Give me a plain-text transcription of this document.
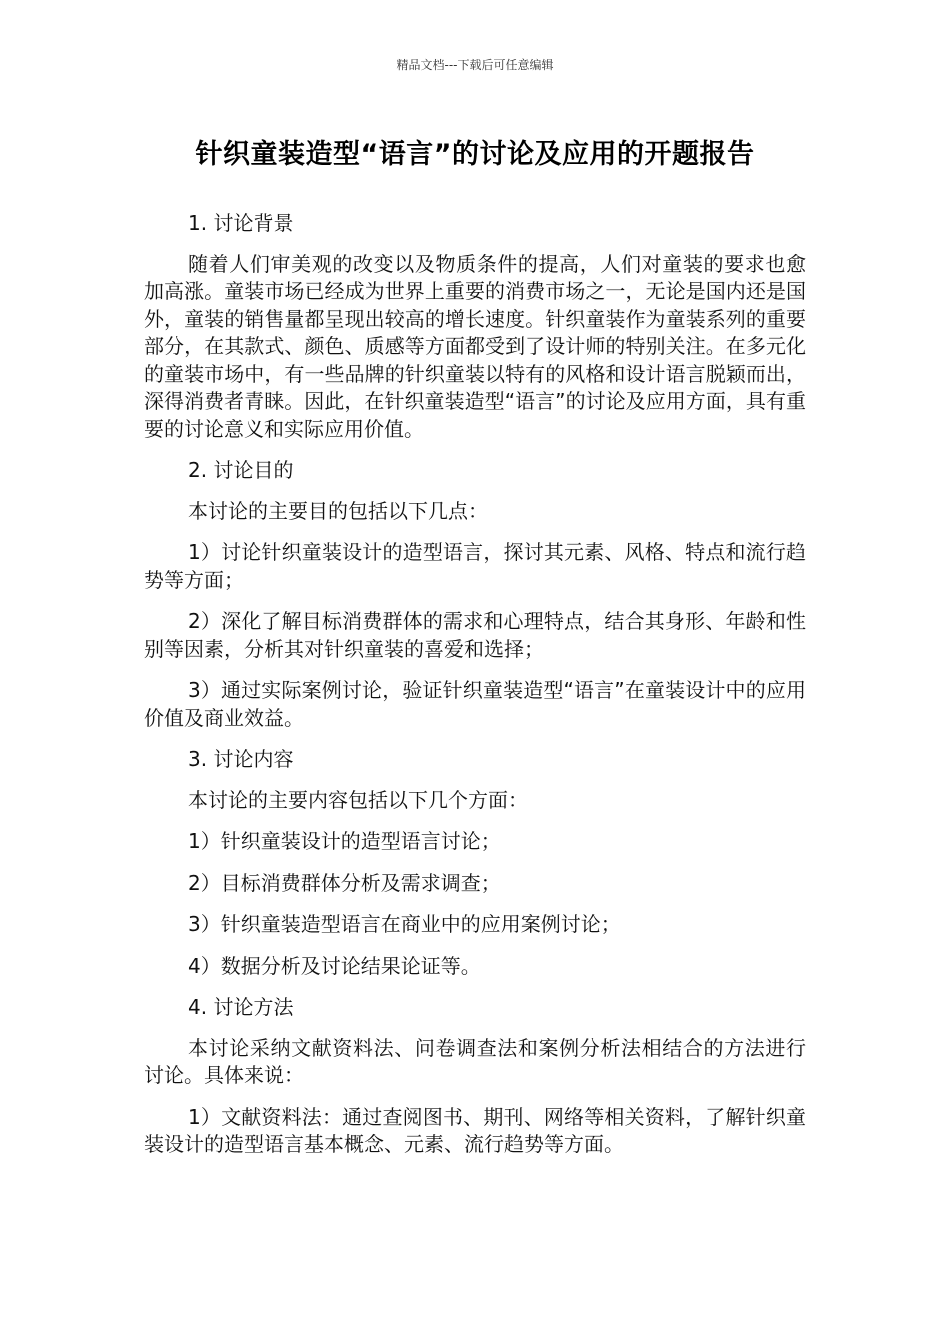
精品文档---下载后可任意编辑
针织童装造型“语言”的讨论及应用的开题报告

1. 讨论背景

随着人们审美观的改变以及物质条件的提高，人们对童装的要求也愈加高涨。童装市场已经成为世界上重要的消费市场之一，无论是国内还是国外，童装的销售量都呈现出较高的增长速度。针织童装作为童装系列的重要部分，在其款式、颜色、质感等方面都受到了设计师的特别关注。在多元化的童装市场中，有一些品牌的针织童装以特有的风格和设计语言脱颖而出，深得消费者青睐。因此，在针织童装造型“语言”的讨论及应用方面，具有重要的讨论意义和实际应用价值。

2. 讨论目的

本讨论的主要目的包括以下几点：

1）讨论针织童装设计的造型语言，探讨其元素、风格、特点和流行趋势等方面；

2）深化了解目标消费群体的需求和心理特点，结合其身形、年龄和性别等因素，分析其对针织童装的喜爱和选择；

3）通过实际案例讨论，验证针织童装造型“语言”在童装设计中的应用价值及商业效益。

3. 讨论内容

本讨论的主要内容包括以下几个方面：

1）针织童装设计的造型语言讨论；

2）目标消费群体分析及需求调查；

3）针织童装造型语言在商业中的应用案例讨论；

4）数据分析及讨论结果论证等。

4. 讨论方法

本讨论采纳文献资料法、问卷调查法和案例分析法相结合的方法进行讨论。具体来说：

1）文献资料法：通过查阅图书、期刊、网络等相关资料，了解针织童装设计的造型语言基本概念、元素、流行趋势等方面。
